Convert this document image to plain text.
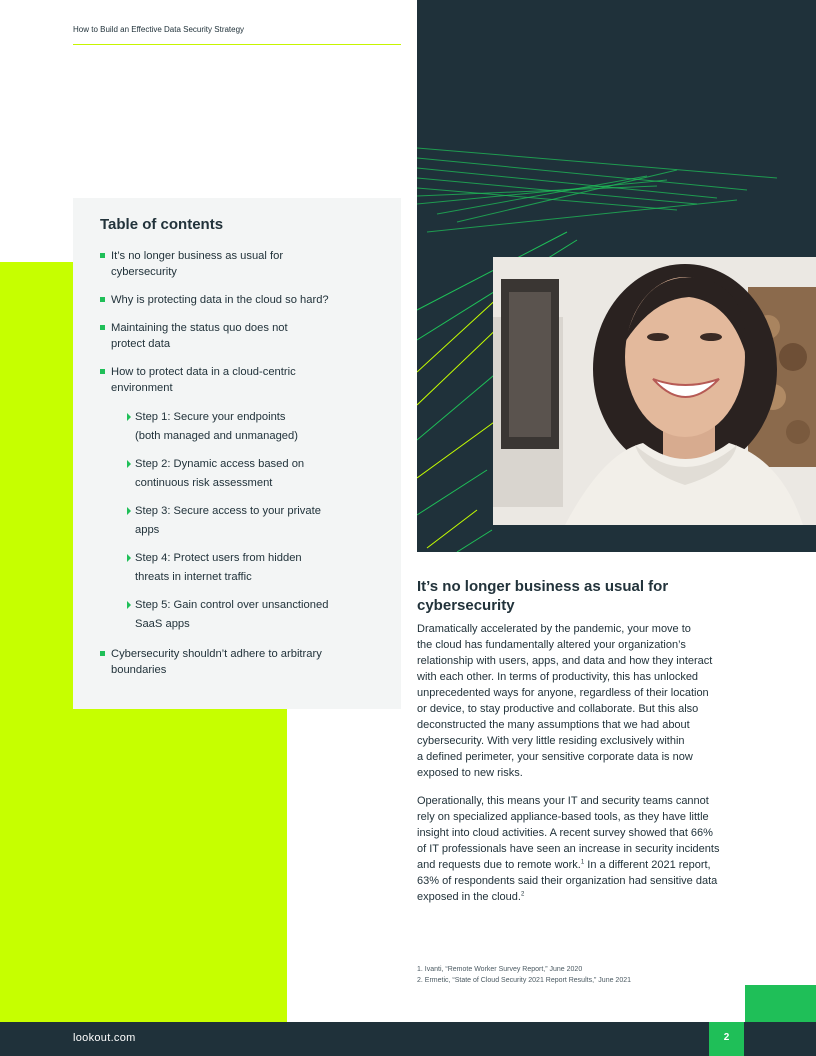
How to Build an Effective Data Security Strategy
Table of contents
It’s no longer business as usual for
cybersecurity
Why is protecting data in the cloud so hard?
Maintaining the status quo does not
protect data
How to protect data in a cloud-centric
environment
Step 1: Secure your endpoints
(both managed and unmanaged)
Step 2: Dynamic access based on
continuous risk assessment
Step 3: Secure access to your private
apps
Step 4: Protect users from hidden
threats in internet traffic
Step 5: Gain control over unsanctioned
SaaS apps
Cybersecurity shouldn’t adhere to arbitrary
boundaries
It’s no longer business as usual for
cybersecurity

Dramatically accelerated by the pandemic, your move to
the cloud has fundamentally altered your organization’s
relationship with users, apps, and data and how they interact
with each other. In terms of productivity, this has unlocked
unprecedented ways for anyone, regardless of their location
or device, to stay productive and collaborate. But this also
deconstructed the many assumptions that we had about
cybersecurity. With very little residing exclusively within
a defined perimeter, your sensitive corporate data is now
exposed to new risks.

Operationally, this means your IT and security teams cannot
rely on specialized appliance-based tools, as they have little
insight into cloud activities. A recent survey showed that 66%
of IT professionals have seen an increase in security incidents
and requests due to remote work.$^1$ In a different 2021 report,
63% of respondents said their organization had sensitive data
exposed in the cloud.$^2$

1. Ivanti, “Remote Worker Survey Report,” June 2020
2. Ermetic, “State of Cloud Security 2021 Report Results,” June 2021
lookout.com	2
